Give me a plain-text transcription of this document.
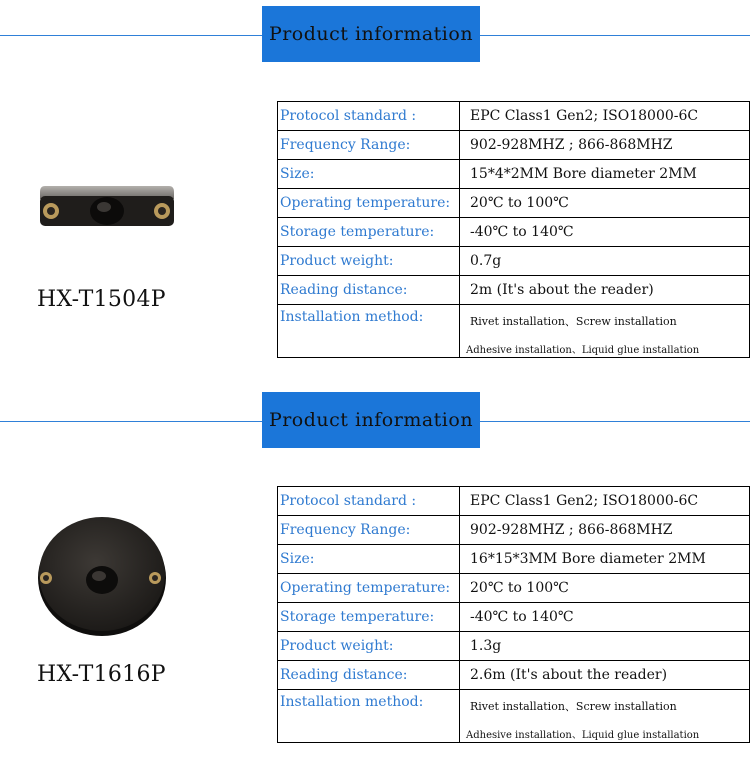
Product information
HX-T1504P
Protocol standard :	EPC Class1 Gen2; ISO18000-6C
Frequency Range:	902-928MHZ ; 866-868MHZ
Size:	15*4*2MM Bore diameter 2MM
Operating temperature:	20℃ to 100℃
Storage temperature:	-40℃ to 140℃
Product weight:	0.7g
Reading distance:	2m (It's about the reader)
Installation method:	Rivet installation、Screw installation
Adhesive installation、Liquid glue installation
Product information
HX-T1616P
Protocol standard :	EPC Class1 Gen2; ISO18000-6C
Frequency Range:	902-928MHZ ; 866-868MHZ
Size:	16*15*3MM Bore diameter 2MM
Operating temperature:	20℃ to 100℃
Storage temperature:	-40℃ to 140℃
Product weight:	1.3g
Reading distance:	2.6m (It's about the reader)
Installation method:	Rivet installation、Screw installation
Adhesive installation、Liquid glue installation
